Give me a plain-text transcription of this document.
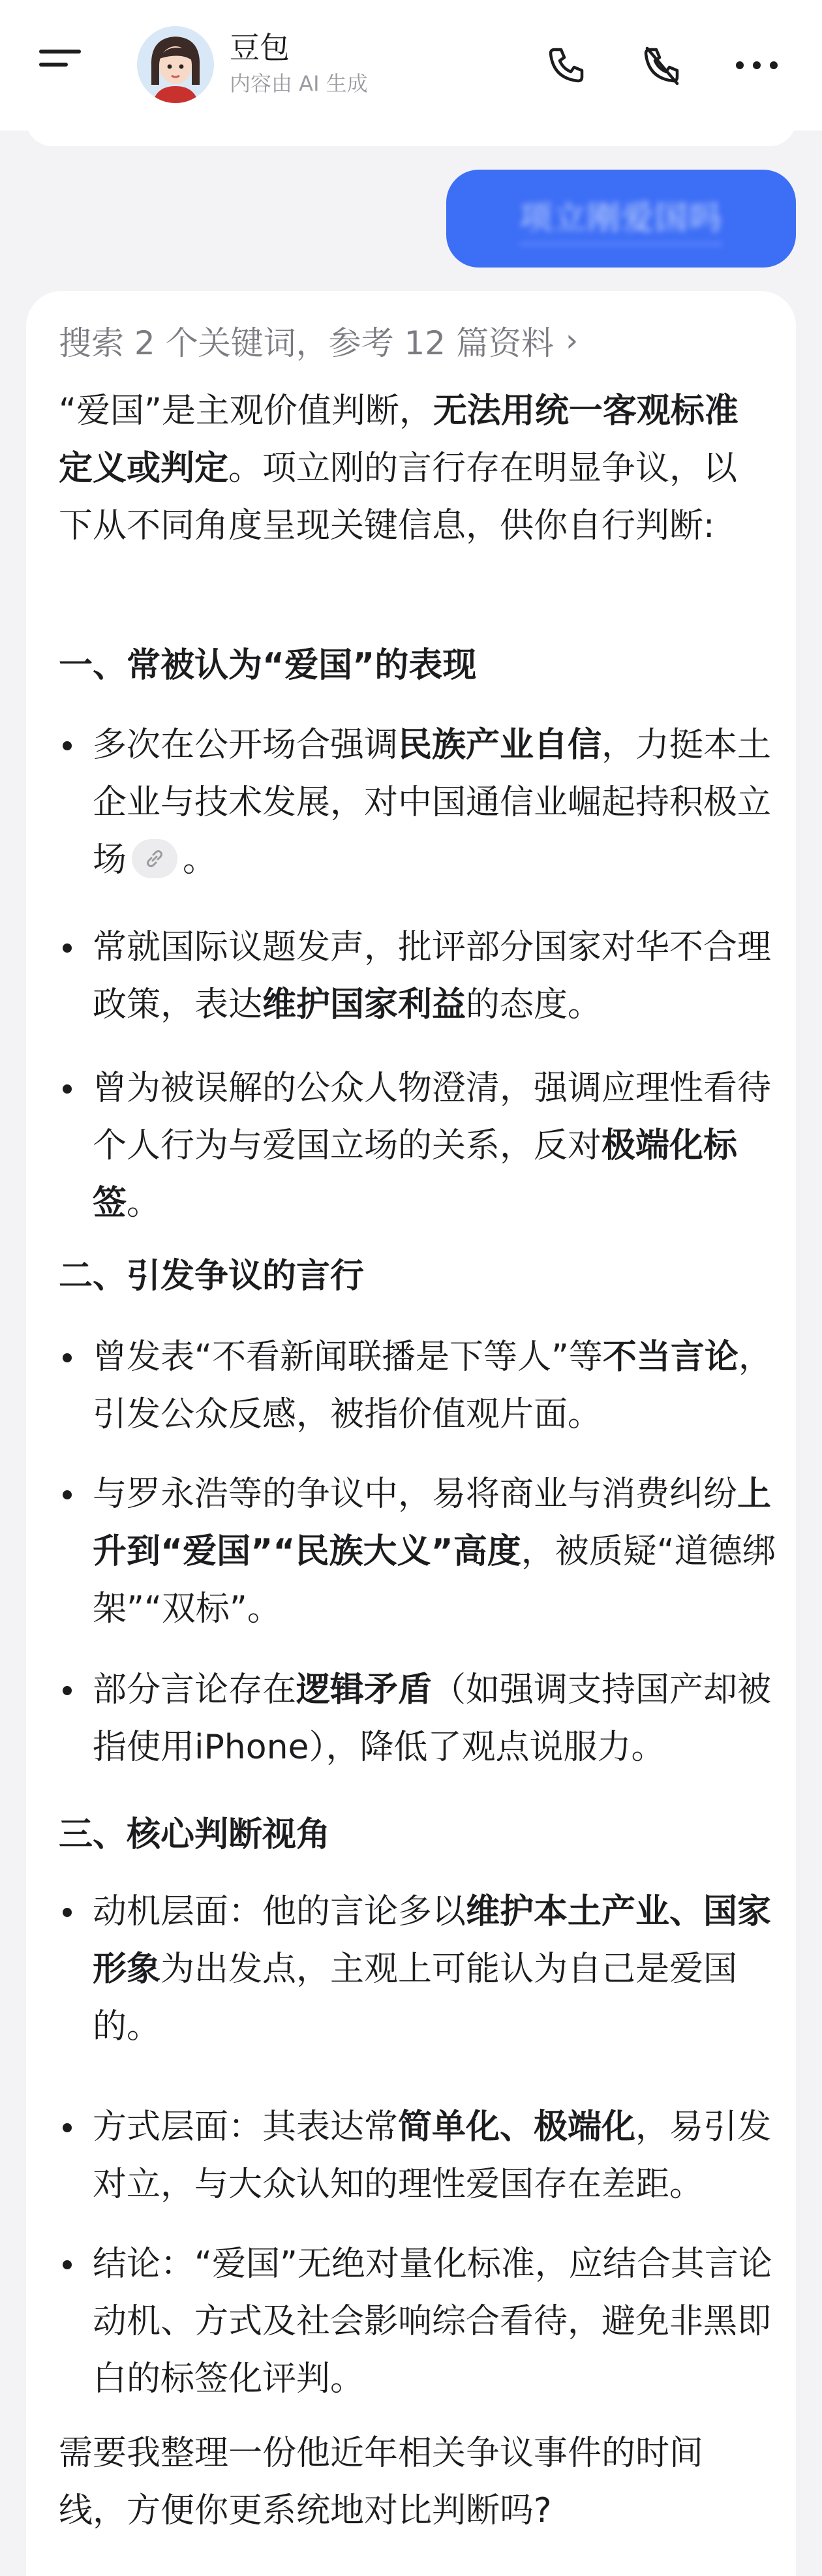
豆包
内容由 AI 生成
项立刚爱国吗
搜索 2 个关键词，参考 12 篇资料 ›
“爱国”是主观价值判断，无法用统一客观标准定义或判定。项立刚的言行存在明显争议，以下从不同角度呈现关键信息，供你自行判断:
一、常被认为“爱国”的表现
多次在公开场合强调民族产业自信，力挺本土企业与技术发展，对中国通信业崛起持积极立场 。
常就国际议题发声，批评部分国家对华不合理政策，表达维护国家利益的态度。
曾为被误解的公众人物澄清，强调应理性看待个人行为与爱国立场的关系，反对极端化标签。
二、引发争议的言行
曾发表“不看新闻联播是下等人”等不当言论，引发公众反感，被指价值观片面。
与罗永浩等的争议中，易将商业与消费纠纷上升到“爱国”“民族大义”高度，被质疑“道德绑架”“双标”。
部分言论存在逻辑矛盾（如强调支持国产却被指使用iPhone），降低了观点说服力。
三、核心判断视角
动机层面：他的言论多以维护本土产业、国家形象为出发点，主观上可能认为自己是爱国的。
方式层面：其表达常简单化、极端化，易引发对立，与大众认知的理性爱国存在差距。
结论：“爱国”无绝对量化标准，应结合其言论动机、方式及社会影响综合看待，避免非黑即白的标签化评判。
需要我整理一份他近年相关争议事件的时间线，方便你更系统地对比判断吗?
